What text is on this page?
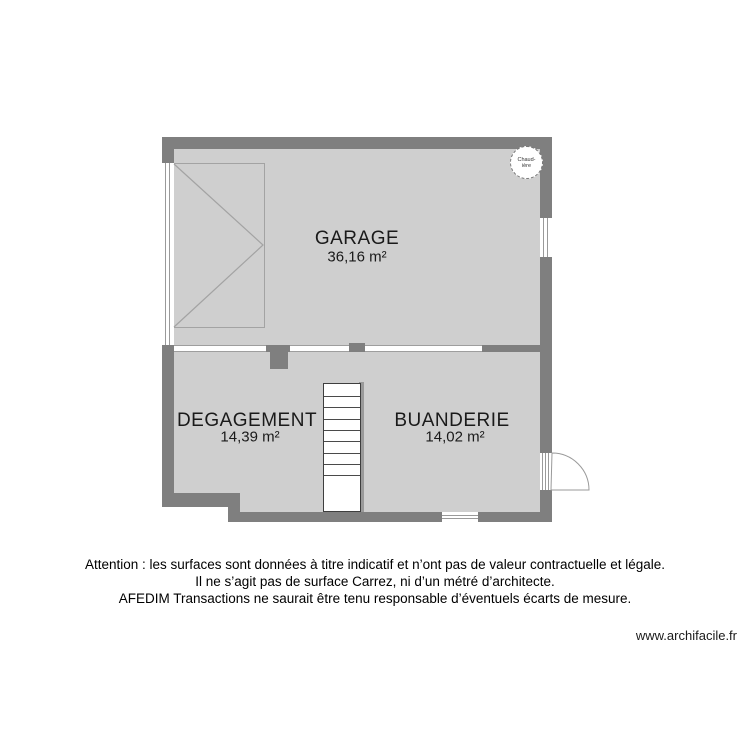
Chaud-
ière
GARAGE
36,16 m²
DEGAGEMENT
14,39 m²
BUANDERIE
14,02 m²
Attention : les surfaces sont données à titre indicatif et n’ont pas de valeur contractuelle et légale.
Il ne s’agit pas de surface Carrez, ni d’un métré d’architecte.
AFEDIM Transactions ne saurait être tenu responsable d’éventuels écarts de mesure.
www.archifacile.fr
